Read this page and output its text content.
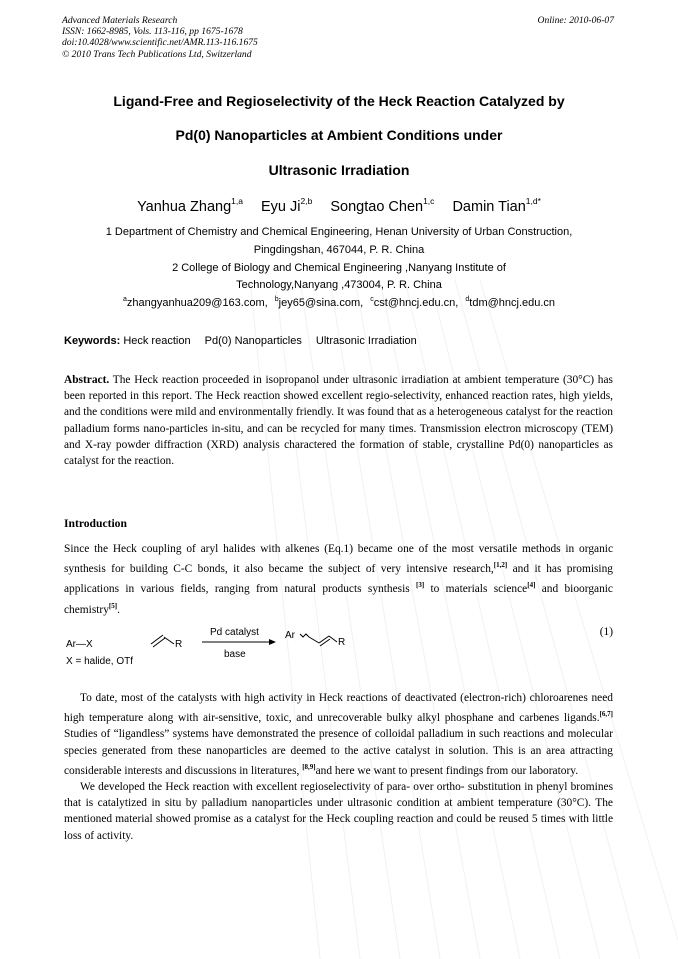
Advanced Materials Research
ISSN: 1662-8985, Vols. 113-116, pp 1675-1678
doi:10.4028/www.scientific.net/AMR.113-116.1675
© 2010 Trans Tech Publications Ltd, Switzerland
Online: 2010-06-07
Ligand-Free and Regioselectivity of the Heck Reaction Catalyzed by
Pd(0) Nanoparticles at Ambient Conditions under
Ultrasonic Irradiation
Yanhua Zhang$^{1,a}$ Eyu Ji$^{2,b}$ Songtao Chen$^{1,c}$ Damin Tian$^{1,d*}$
1 Department of Chemistry and Chemical Engineering, Henan University of Urban Construction,
Pingdingshan, 467044, P. R. China
2 College of Biology and Chemical Engineering ,Nanyang Institute of
Technology,Nanyang ,473004, P. R. China
$^a$zhangyanhua209@163.com, $^b$jey65@sina.com, $^c$cst@hncj.edu.cn, $^d$tdm@hncj.edu.cn
Keywords: Heck reaction Pd(0) Nanoparticles Ultrasonic Irradiation

Abstract. The Heck reaction proceeded in isopropanol under ultrasonic irradiation at ambient temperature (30°C) has been reported in this report. The Heck reaction showed excellent regio-selectivity, enhanced reaction rates, high yields, and the conditions were mild and environmentally friendly. It was found that as a heterogeneous catalyst for the reaction palladium forms nano-particles in-situ, and can be recycled for many times. Transmission electron microscopy (TEM) and X-ray powder diffraction (XRD) analysis charactered the formation of stable, crystalline Pd(0) nanoparticles as catalyst for the reaction.

Introduction

Since the Heck coupling of aryl halides with alkenes (Eq.1) became one of the most versatile methods in organic synthesis for building C-C bonds, it also became the subject of very intensive research,[1,2] and it has promising applications in various fields, ranging from natural products synthesis [3] to materials science[4] and bioorganic chemistry[5].

Ar—X
X = halide, OTf
R
Pd catalyst
base
Ar
R
(1)

To date, most of the catalysts with high activity in Heck reactions of deactivated (electron-rich) chloroarenes need high temperature along with air-sensitive, toxic, and unrecoverable bulky alkyl phosphane and carbenes ligands.[6,7] Studies of “ligandless” systems have demonstrated the presence of colloidal palladium in such reactions and molecular species generated from these nanoparticles are deemed to the active catalyst in solution. This is an area attracting considerable interests and discussions in literatures, [8,9]and here we want to present findings from our laboratory.

We developed the Heck reaction with excellent regioselectivity of para- over ortho- substitution in phenyl bromines that is catalytized in situ by palladium nanoparticles under ultrasonic condition at ambient temperature (30°C). The mentioned material showed promise as a catalyst for the Heck coupling reaction and could be reused 5 times with little loss of activity.
